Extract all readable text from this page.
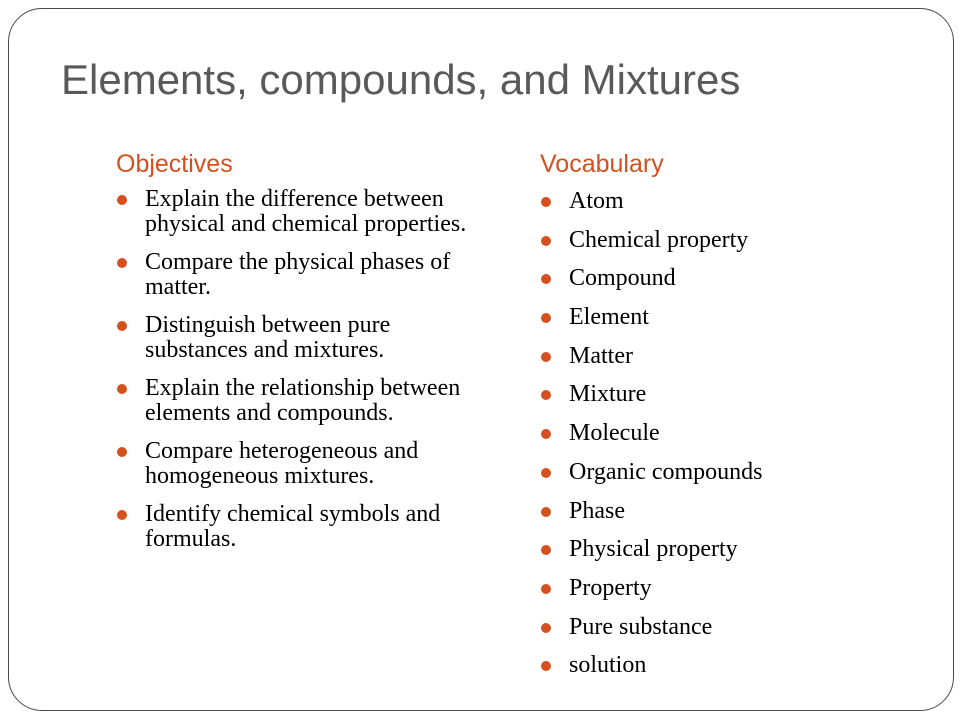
Elements, compounds, and Mixtures
Objectives
Explain the difference between physical and chemical properties.
Compare the physical phases of matter.
Distinguish between pure substances and mixtures.
Explain the relationship between elements and compounds.
Compare heterogeneous and homogeneous mixtures.
Identify chemical symbols and formulas.
Vocabulary
Atom
Chemical property
Compound
Element
Matter
Mixture
Molecule
Organic compounds
Phase
Physical property
Property
Pure substance
solution
